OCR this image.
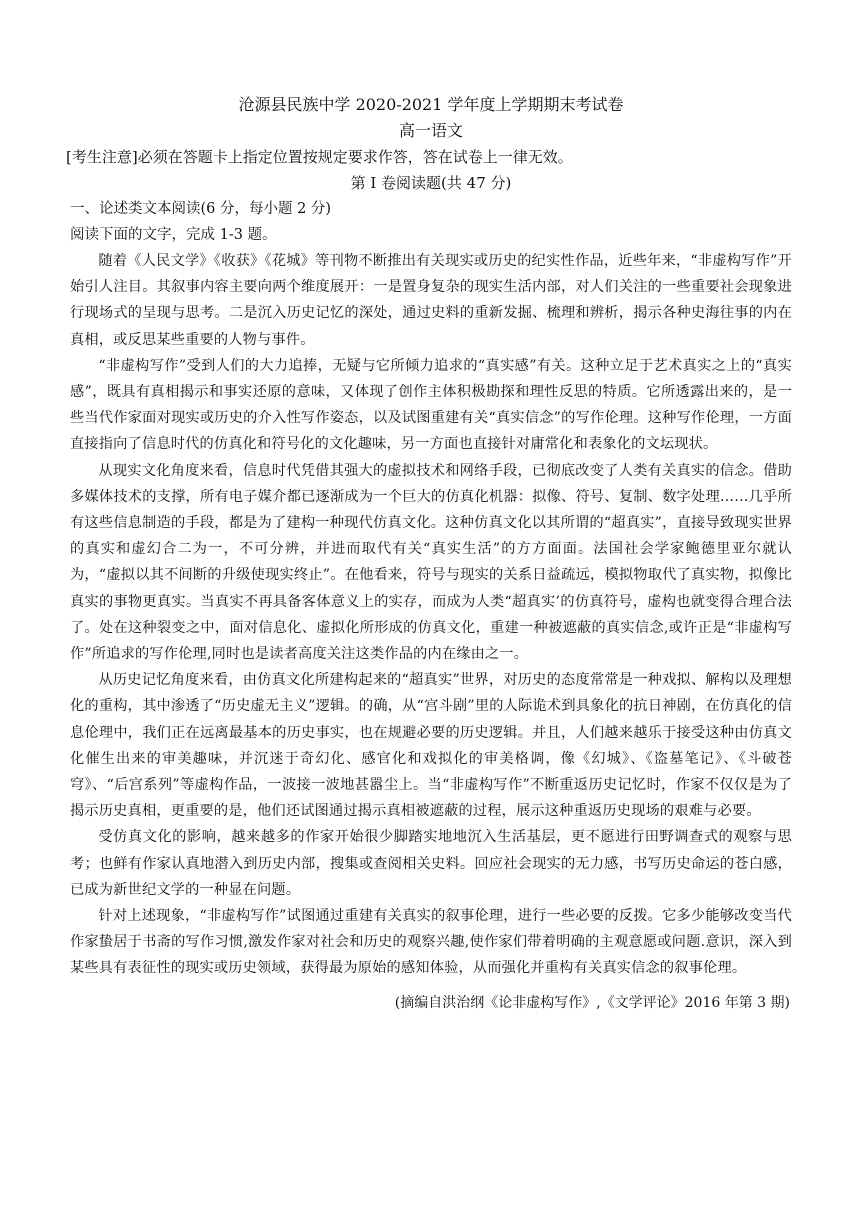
沧源县民族中学 2020-2021 学年度上学期期末考试卷

高一语文

[考生注意]必须在答题卡上指定位置按规定要求作答，答在试卷上一律无效。

第 I 卷阅读题(共 47 分)

一、论述类文本阅读(6 分，每小题 2 分)

阅读下面的文字，完成 1-3 题。

随着《人民文学》《收获》《花城》等刊物不断推出有关现实或历史的纪实性作品，近些年来，“非虚构写作”开始引人注目。其叙事内容主要向两个维度展开：一是置身复杂的现实生活内部，对人们关注的一些重要社会现象进行现场式的呈现与思考。二是沉入历史记忆的深处，通过史料的重新发掘、梳理和辨析，揭示各种史海往事的内在真相，或反思某些重要的人物与事件。

“非虚构写作”受到人们的大力追捧，无疑与它所倾力追求的“真实感”有关。这种立足于艺术真实之上的“真实感”，既具有真相揭示和事实还原的意味，又体现了创作主体积极勘探和理性反思的特质。它所透露出来的，是一些当代作家面对现实或历史的介入性写作姿态，以及试图重建有关“真实信念”的写作伦理。这种写作伦理，一方面直接指向了信息时代的仿真化和符号化的文化趣味，另一方面也直接针对庸常化和表象化的文坛现状。

从现实文化角度来看，信息时代凭借其强大的虚拟技术和网络手段，已彻底改变了人类有关真实的信念。借助多媒体技术的支撑，所有电子媒介都已逐渐成为一个巨大的仿真化机器：拟像、符号、复制、数字处理……几乎所有这些信息制造的手段，都是为了建构一种现代仿真文化。这种仿真文化以其所谓的“超真实”，直接导致现实世界的真实和虚幻合二为一，不可分辨，并进而取代有关“真实生活”的方方面面。法国社会学家鲍德里亚尔就认为，“虚拟以其不间断的升级使现实终止”。在他看来，符号与现实的关系日益疏远，模拟物取代了真实物，拟像比真实的事物更真实。当真实不再具备客体意义上的实存，而成为人类“超真实’的仿真符号，虚构也就变得合理合法了。处在这种裂变之中，面对信息化、虚拟化所形成的仿真文化，重建一种被遮蔽的真实信念,或许正是“非虚构写作”所追求的写作伦理,同时也是读者高度关注这类作品的内在缘由之一。

从历史记忆角度来看，由仿真文化所建构起来的“超真实”世界，对历史的态度常常是一种戏拟、解构以及理想化的重构，其中渗透了“历史虚无主义”逻辑。的确，从“宫斗剧”里的人际诡术到具象化的抗日神剧，在仿真化的信息伦理中，我们正在远离最基本的历史事实，也在规避必要的历史逻辑。并且，人们越来越乐于接受这种由仿真文化催生出来的审美趣味，并沉迷于奇幻化、感官化和戏拟化的审美格调，像《幻城》、《盗墓笔记》、《斗破苍穹》、“后宫系列”等虚构作品，一波接一波地甚嚣尘上。当“非虚构写作”不断重返历史记忆时，作家不仅仅是为了揭示历史真相，更重要的是，他们还试图通过揭示真相被遮蔽的过程，展示这种重返历史现场的艰难与必要。

受仿真文化的影响，越来越多的作家开始很少脚踏实地地沉入生活基层，更不愿进行田野调查式的观察与思考；也鲜有作家认真地潜入到历史内部，搜集或查阅相关史料。回应社会现实的无力感，书写历史命运的苍白感，已成为新世纪文学的一种显在问题。

针对上述现象，“非虚构写作”试图通过重建有关真实的叙事伦理，进行一些必要的反拨。它多少能够改变当代作家蛰居于书斋的写作习惯,激发作家对社会和历史的观察兴趣,使作家们带着明确的主观意愿或问题.意识，深入到某些具有表征性的现实或历史领域，获得最为原始的感知体验，从而强化并重构有关真实信念的叙事伦理。

(摘编自洪治纲《论非虚构写作》,《文学评论》2016 年第 3 期)
